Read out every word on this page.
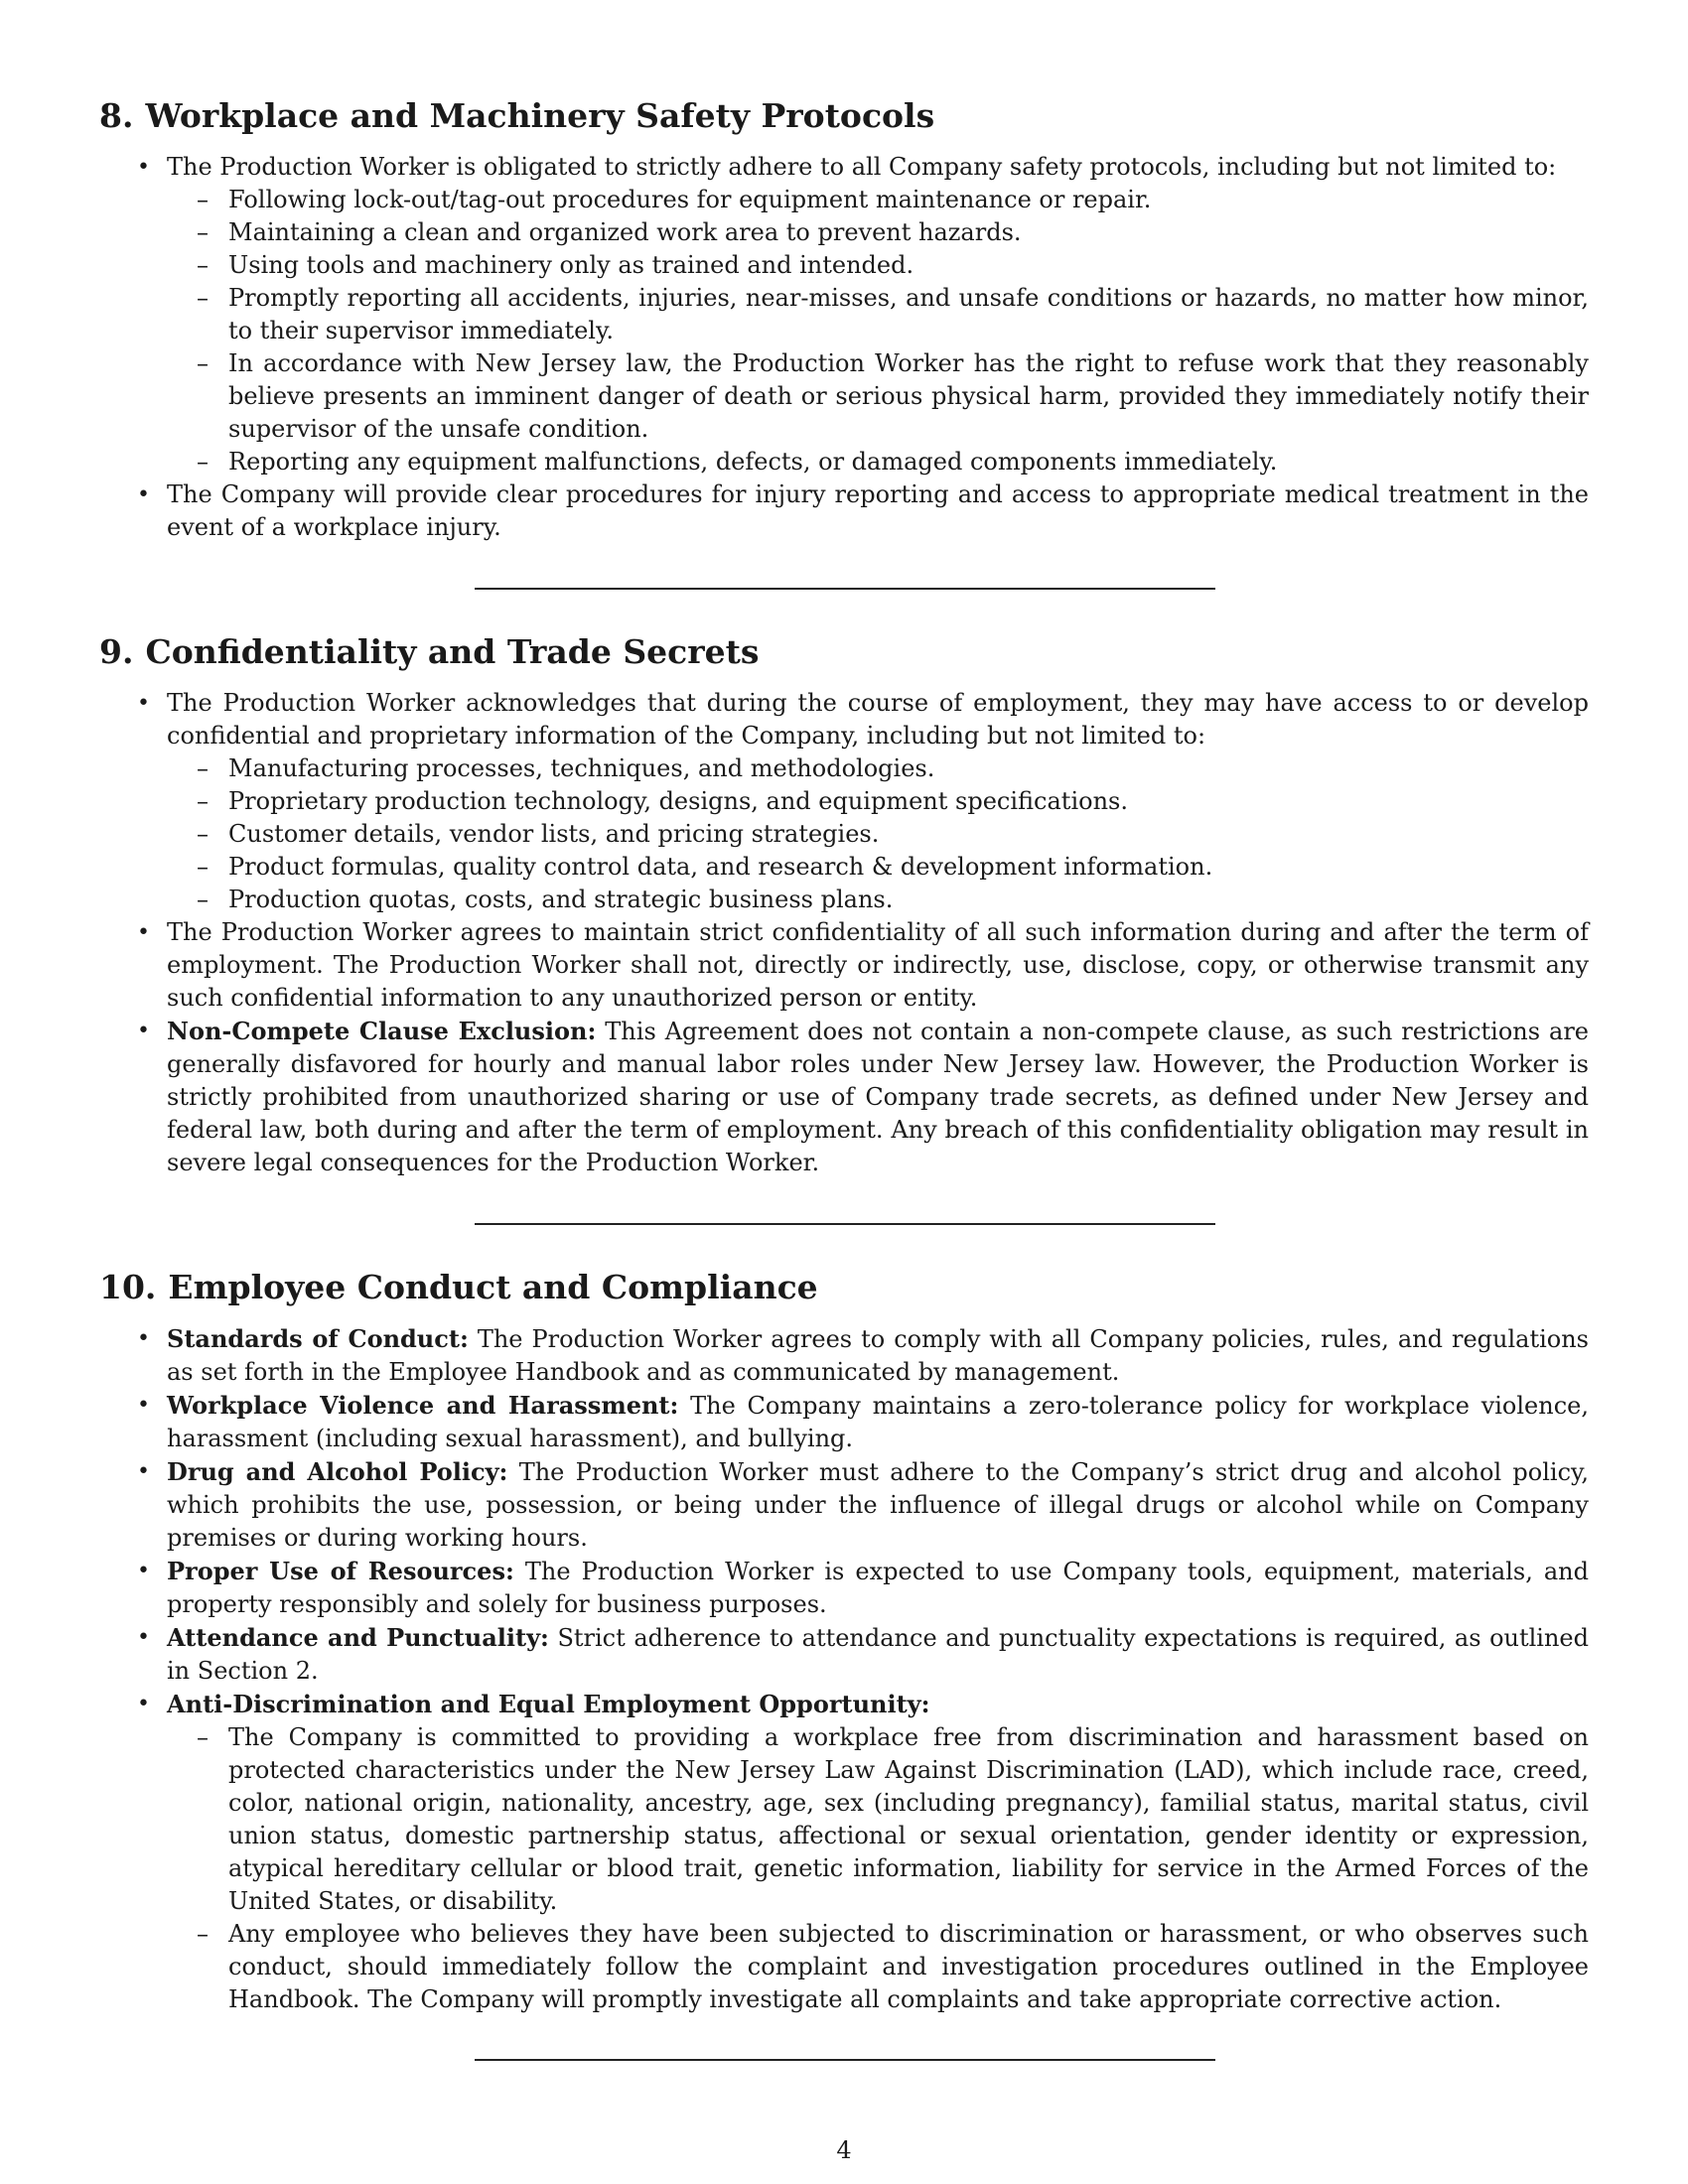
8. Workplace and Machinery Safety Protocols
• The Production Worker is obligated to strictly adhere to all Company safety protocols, including but not limited to:
– Following lock-out/tag-out procedures for equipment maintenance or repair.
– Maintaining a clean and organized work area to prevent hazards.
– Using tools and machinery only as trained and intended.
– Promptly reporting all accidents, injuries, near-misses, and unsafe conditions or hazards, no matter how minor, to their supervisor immediately.
– In accordance with New Jersey law, the Production Worker has the right to refuse work that they reasonably believe presents an imminent danger of death or serious physical harm, provided they immediately notify their supervisor of the unsafe condition.
– Reporting any equipment malfunctions, defects, or damaged components immediately.
• The Company will provide clear procedures for injury reporting and access to appropriate medical treatment in the event of a workplace injury.
9. Confidentiality and Trade Secrets
• The Production Worker acknowledges that during the course of employment, they may have access to or develop confidential and proprietary information of the Company, including but not limited to:
– Manufacturing processes, techniques, and methodologies.
– Proprietary production technology, designs, and equipment specifications.
– Customer details, vendor lists, and pricing strategies.
– Product formulas, quality control data, and research & development information.
– Production quotas, costs, and strategic business plans.
• The Production Worker agrees to maintain strict confidentiality of all such information during and after the term of employment. The Production Worker shall not, directly or indirectly, use, disclose, copy, or otherwise transmit any such confidential information to any unauthorized person or entity.
• Non-Compete Clause Exclusion: This Agreement does not contain a non-compete clause, as such restrictions are generally disfavored for hourly and manual labor roles under New Jersey law. However, the Production Worker is strictly prohibited from unauthorized sharing or use of Company trade secrets, as defined under New Jersey and federal law, both during and after the term of employment. Any breach of this confidentiality obligation may result in severe legal consequences for the Production Worker.
10. Employee Conduct and Compliance
• Standards of Conduct: The Production Worker agrees to comply with all Company policies, rules, and regulations as set forth in the Employee Handbook and as communicated by management.
• Workplace Violence and Harassment: The Company maintains a zero-tolerance policy for workplace violence, harassment (including sexual harassment), and bullying.
• Drug and Alcohol Policy: The Production Worker must adhere to the Company’s strict drug and alcohol policy, which prohibits the use, possession, or being under the influence of illegal drugs or alcohol while on Company premises or during working hours.
• Proper Use of Resources: The Production Worker is expected to use Company tools, equipment, materials, and property responsibly and solely for business purposes.
• Attendance and Punctuality: Strict adherence to attendance and punctuality expectations is required, as outlined in Section 2.
• Anti-Discrimination and Equal Employment Opportunity:
– The Company is committed to providing a workplace free from discrimination and harassment based on protected characteristics under the New Jersey Law Against Discrimination (LAD), which include race, creed, color, national origin, nationality, ancestry, age, sex (including pregnancy), familial status, marital status, civil union status, domestic partnership status, affectional or sexual orientation, gender identity or expression, atypical hereditary cellular or blood trait, genetic information, liability for service in the Armed Forces of the United States, or disability.
– Any employee who believes they have been subjected to discrimination or harassment, or who observes such conduct, should immediately follow the complaint and investigation procedures outlined in the Employee Handbook. The Company will promptly investigate all complaints and take appropriate corrective action.
4
